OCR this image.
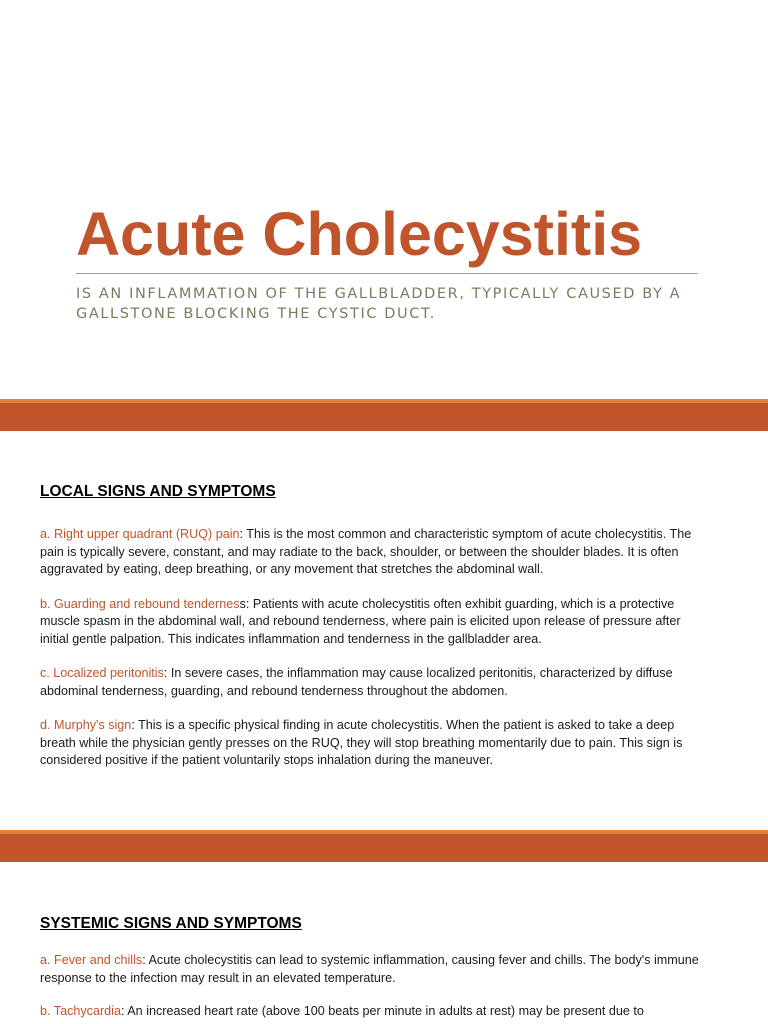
Acute Cholecystitis

IS AN INFLAMMATION OF THE GALLBLADDER, TYPICALLY CAUSED BY A GALLSTONE BLOCKING THE CYSTIC DUCT.

LOCAL SIGNS AND SYMPTOMS

a. Right upper quadrant (RUQ) pain: This is the most common and characteristic symptom of acute cholecystitis. The pain is typically severe, constant, and may radiate to the back, shoulder, or between the shoulder blades. It is often aggravated by eating, deep breathing, or any movement that stretches the abdominal wall.

b. Guarding and rebound tenderness: Patients with acute cholecystitis often exhibit guarding, which is a protective muscle spasm in the abdominal wall, and rebound tenderness, where pain is elicited upon release of pressure after initial gentle palpation. This indicates inflammation and tenderness in the gallbladder area.

c. Localized peritonitis: In severe cases, the inflammation may cause localized peritonitis, characterized by diffuse abdominal tenderness, guarding, and rebound tenderness throughout the abdomen.

d. Murphy's sign: This is a specific physical finding in acute cholecystitis. When the patient is asked to take a deep breath while the physician gently presses on the RUQ, they will stop breathing momentarily due to pain. This sign is considered positive if the patient voluntarily stops inhalation during the maneuver.

SYSTEMIC SIGNS AND SYMPTOMS

a. Fever and chills: Acute cholecystitis can lead to systemic inflammation, causing fever and chills. The body's immune response to the infection may result in an elevated temperature.

b. Tachycardia: An increased heart rate (above 100 beats per minute in adults at rest) may be present due to
